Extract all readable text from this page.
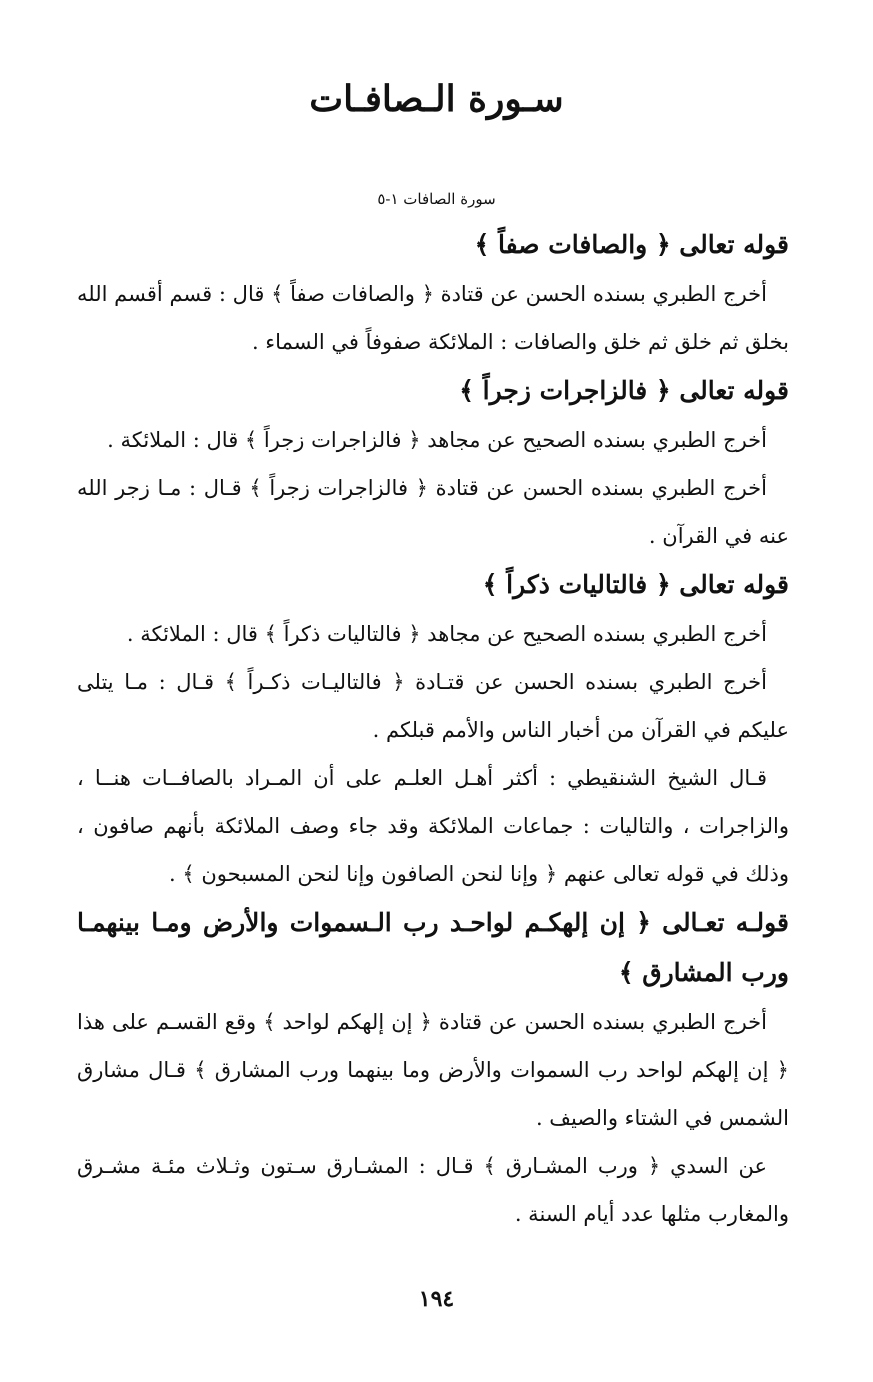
سـورة الـصافـات
سورة الصافات ١-٥

قوله تعالى ﴿ والصافات صفاً ﴾

أخرج الطبري بسنده الحسن عن قتادة ﴿ والصافات صفاً ﴾ قال : قسم أقسم الله بخلق ثم خلق ثم خلق والصافات : الملائكة صفوفاً في السماء .

قوله تعالى ﴿ فالزاجرات زجراً ﴾

أخرج الطبري بسنده الصحيح عن مجاهد ﴿ فالزاجرات زجراً ﴾ قال : الملائكة .

أخرج الطبري بسنده الحسن عن قتادة ﴿ فالزاجرات زجراً ﴾ قـال : مـا زجر الله عنه في القرآن .

قوله تعالى ﴿ فالتاليات ذكراً ﴾

أخرج الطبري بسنده الصحيح عن مجاهد ﴿ فالتاليات ذكراً ﴾ قال : الملائكة .

أخرج الطبري بسنده الحسن عن قتـادة ﴿ فالتاليـات ذكـراً ﴾ قـال : مـا يتلى عليكم في القرآن من أخبار الناس والأمم قبلكم .

قـال الشيخ الشنقيطي : أكثر أهـل العلـم على أن المـراد بالصافــات هنــا ، والزاجرات ، والتاليات : جماعات الملائكة وقد جاء وصف الملائكة بأنهم صافون ، وذلك في قوله تعالى عنهم ﴿ وإنا لنحن الصافون وإنا لنحن المسبحون ﴾ .

قولـه تعـالى ﴿ إن إلهكـم لواحـد رب الـسموات والأرض ومـا بينهمـا ورب المشارق ﴾

أخرج الطبري بسنده الحسن عن قتادة ﴿ إن إلهكم لواحد ﴾ وقع القسـم على هذا ﴿ إن إلهكم لواحد رب السموات والأرض وما بينهما ورب المشارق ﴾ قـال مشارق الشمس في الشتاء والصيف .

عن السدي ﴿ ورب المشـارق ﴾ قـال : المشـارق سـتون وثـلاث مئـة مشـرق والمغارب مثلها عدد أيام السنة .

١٩٤
